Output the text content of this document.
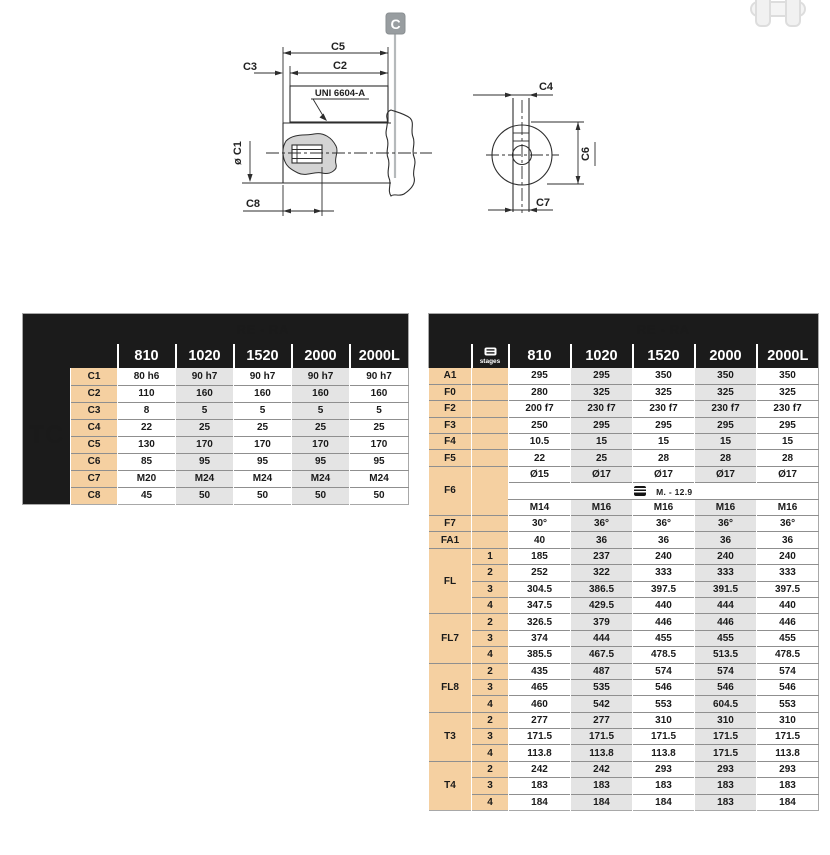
C
C5
C2
C3
UNI 6604-A
ø C1
C8
C4
C6
C7
		RE - RA				
		810	1020	1520	2000	2000L
TC	C1	80 h6	90 h7	90 h7	90 h7	90 h7
	C2	110	160	160	160	160
	C3	8	5	5	5	5
	C4	22	25	25	25	25
	C5	130	170	170	170	170
	C6	85	95	95	95	95
	C7	M20	M24	M24	M24	M24
	C8	45	50	50	50	50
		RE - RA				

	stages	810	1020	1520	2000	2000L
A1		295	295	350	350	350
F0		280	325	325	325	325
F2		200 f7	230 f7	230 f7	230 f7	230 f7
F3		250	295	295	295	295
F4		10.5	15	15	15	15
F5		22	25	28	28	28
F6		Ø15	Ø17	Ø17	Ø17	Ø17
		M. - 12.9				
		M14	M16	M16	M16	M16
F7		30°	36°	36°	36°	36°
FA1		40	36	36	36	36
FL	1	185	237	240	240	240
	2	252	322	333	333	333
	3	304.5	386.5	397.5	391.5	397.5
	4	347.5	429.5	440	444	440
FL7	2	326.5	379	446	446	446
	3	374	444	455	455	455
	4	385.5	467.5	478.5	513.5	478.5
FL8	2	435	487	574	574	574
	3	465	535	546	546	546
	4	460	542	553	604.5	553
T3	2	277	277	310	310	310
	3	171.5	171.5	171.5	171.5	171.5
	4	113.8	113.8	113.8	171.5	113.8
T4	2	242	242	293	293	293
	3	183	183	183	183	183
	4	184	184	184	183	184
